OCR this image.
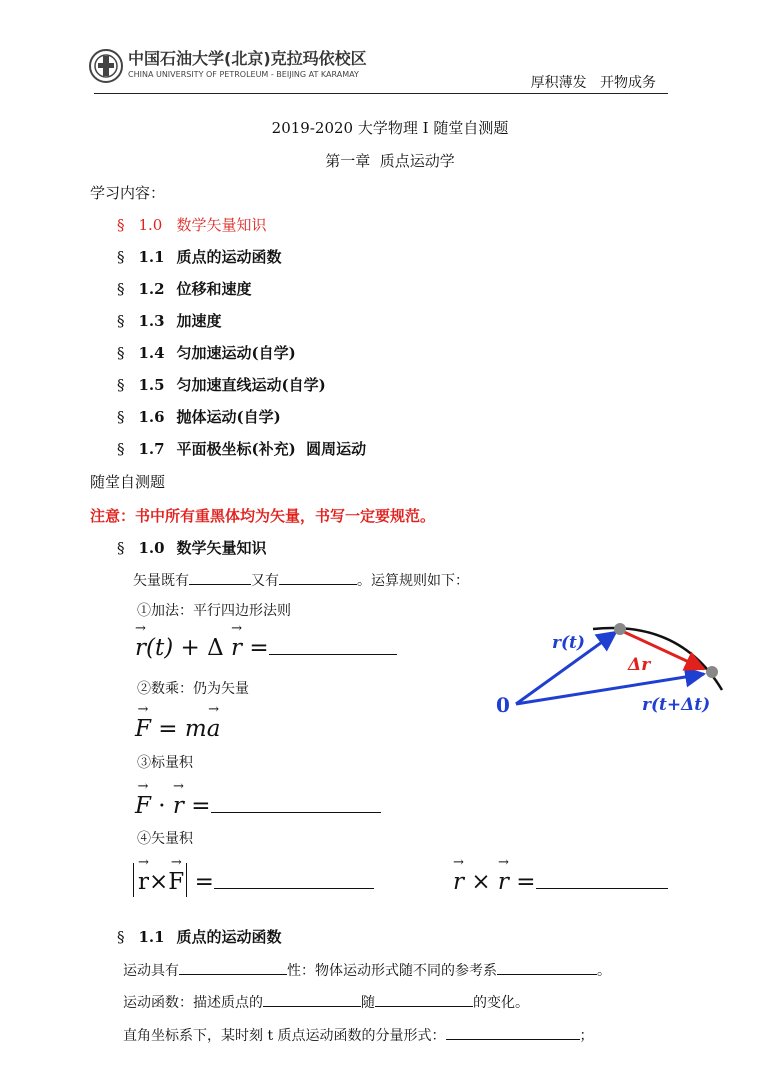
中国石油大学(北京)克拉玛依校区
CHINA UNIVERSITY OF PETROLEUM - BEIJING AT KARAMAY
厚积薄发   开物成务
2019-2020 大学物理 I 随堂自测题
第一章  质点运动学
学习内容：
§ 1.0 数学矢量知识
§ 1.1 质点的运动函数
§ 1.2 位移和速度
§ 1.3 加速度
§ 1.4 匀加速运动(自学)
§ 1.5 匀加速直线运动(自学)
§ 1.6 抛体运动(自学)
§ 1.7 平面极坐标(补充)  圆周运动
随堂自测题
注意：书中所有重黑体均为矢量，书写一定要规范。
§ 1.0 数学矢量知识
矢量既有	又有	。运算规则如下：
①加法：平行四边形法则
→ r(t) + Δ → r =
②数乘：仍为矢量
→ F = m→ a
③标量积
→ F · → r =
④矢量积
→ r×→ F =	→ r × → r =
r(t)
Δr
r(t+Δt)
0
§ 1.1 质点的运动函数
运动具有	性：物体运动形式随不同的参考系	。
运动函数：描述质点的	随	的变化。
直角坐标系下，某时刻 t 质点运动函数的分量形式：	；
